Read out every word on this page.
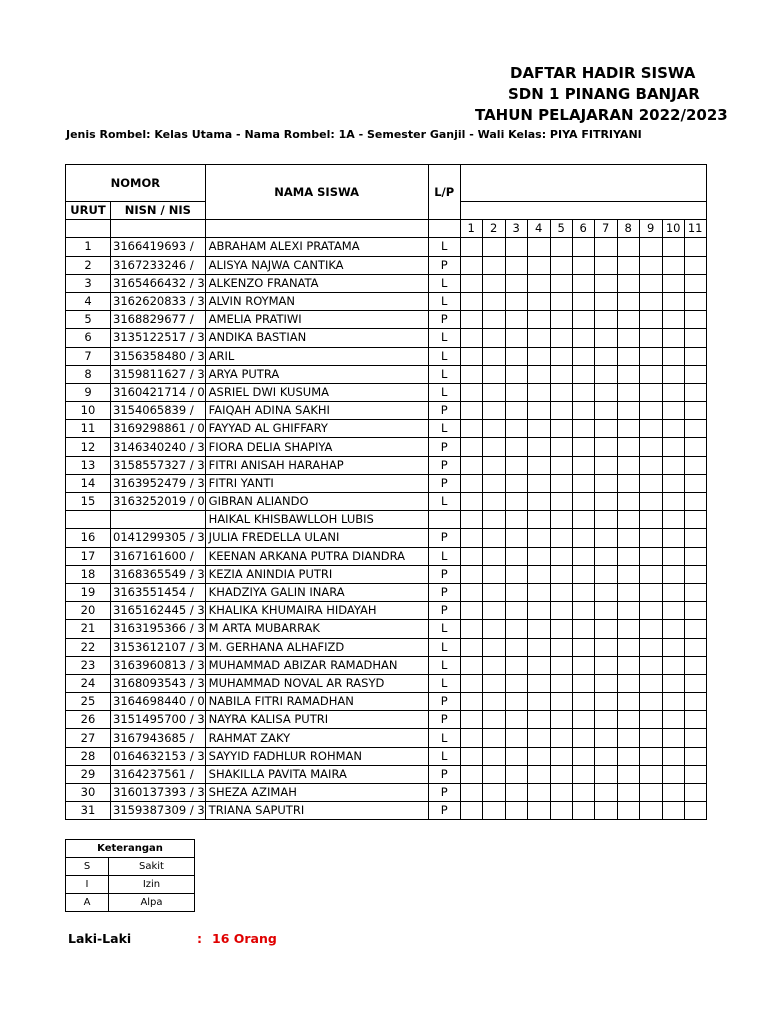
DAFTAR HADIR SISWA
SDN 1 PINANG BANJAR
TAHUN PELAJARAN 2022/2023
Jenis Rombel: Kelas Utama - Nama Rombel: 1A - Semester Ganjil - Wali Kelas: PIYA FITRIYANI
NOMOR		NAMA SISWA	L/P											

URUT	NISN / NIS													
				1	2	3	4	5	6	7	8	9	10	11
1	3166419693 /	ABRAHAM ALEXI PRATAMA	L											
2	3167233246 /	ALISYA NAJWA CANTIKA	P											
3	3165466432 / 3	ALKENZO FRANATA	L											
4	3162620833 / 3	ALVIN ROYMAN	L											
5	3168829677 /	AMELIA PRATIWI	P											
6	3135122517 / 3	ANDIKA BASTIAN	L											
7	3156358480 / 3	ARIL	L											
8	3159811627 / 3	ARYA PUTRA	L											
9	3160421714 / 0	ASRIEL DWI KUSUMA	L											
10	3154065839 /	FAIQAH ADINA SAKHI	P											
11	3169298861 / 0	FAYYAD AL GHIFFARY	L											
12	3146340240 / 3	FIORA DELIA SHAPIYA	P											
13	3158557327 / 3	FITRI ANISAH HARAHAP	P											
14	3163952479 / 3	FITRI YANTI	P											
15	3163252019 / 0	GIBRAN ALIANDO	L											
		HAIKAL KHISBAWLLOH LUBIS												
16	0141299305 / 3	JULIA FREDELLA ULANI	P											
17	3167161600 /	KEENAN ARKANA PUTRA DIANDRA	L											
18	3168365549 / 3	KEZIA ANINDIA PUTRI	P											
19	3163551454 /	KHADZIYA GALIN INARA	P											
20	3165162445 / 3	KHALIKA KHUMAIRA HIDAYAH	P											
21	3163195366 / 3	M ARTA MUBARRAK	L											
22	3153612107 / 3	M. GERHANA ALHAFIZD	L											
23	3163960813 / 3	MUHAMMAD ABIZAR RAMADHAN	L											
24	3168093543 / 3	MUHAMMAD NOVAL AR RASYD	L											
25	3164698440 / 0	NABILA FITRI RAMADHAN	P											
26	3151495700 / 3	NAYRA KALISA PUTRI	P											
27	3167943685 /	RAHMAT ZAKY	L											
28	0164632153 / 3	SAYYID FADHLUR ROHMAN	L											
29	3164237561 /	SHAKILLA PAVITA MAIRA	P											
30	3160137393 / 3	SHEZA AZIMAH	P											
31	3159387309 / 3	TRIANA SAPUTRI	P											
Keterangan	
S	Sakit
I	Izin
A	Alpa
Laki-Laki	: 16 Orang
